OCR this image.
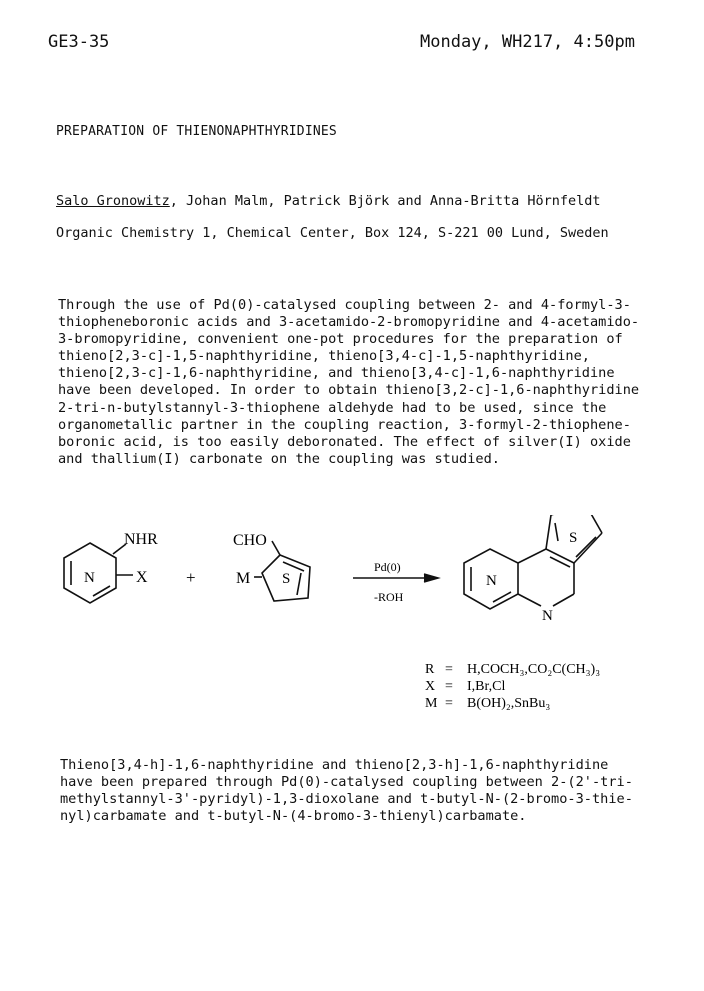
GE3-35	Monday, WH217, 4:50pm
PREPARATION OF THIENONAPHTHYRIDINES
Salo Gronowitz, Johan Malm, Patrick Björk and Anna-Britta Hörnfeldt
Organic Chemistry 1, Chemical Center, Box 124, S-221 00 Lund, Sweden
Through the use of Pd(0)-catalysed coupling between 2- and 4-formyl-3-
thiopheneboronic acids and 3-acetamido-2-bromopyridine and 4-acetamido-
3-bromopyridine, convenient one-pot procedures for the preparation of
thieno[2,3-c]-1,5-naphthyridine, thieno[3,4-c]-1,5-naphthyridine,
thieno[2,3-c]-1,6-naphthyridine, and thieno[3,4-c]-1,6-naphthyridine
have been developed. In order to obtain thieno[3,2-c]-1,6-naphthyridine
2-tri-n-butylstannyl-3-thiophene aldehyde had to be used, since the
organometallic partner in the coupling reaction, 3-formyl-2-thiophene-
boronic acid, is too easily deboronated. The effect of silver(I) oxide
and thallium(I) carbonate on the coupling was studied.
NHR
N	X +
CHO
M S
Pd(0)
-ROH
S
N
N
R = H,COCH₃,CO₂C(CH₃)₃
X = I,Br,Cl
M = B(OH)₂,SnBu₃
Thieno[3,4-h]-1,6-naphthyridine and thieno[2,3-h]-1,6-naphthyridine
have been prepared through Pd(0)-catalysed coupling between 2-(2'-tri-
methylstannyl-3'-pyridyl)-1,3-dioxolane and t-butyl-N-(2-bromo-3-thie-
nyl)carbamate and t-butyl-N-(4-bromo-3-thienyl)carbamate.
